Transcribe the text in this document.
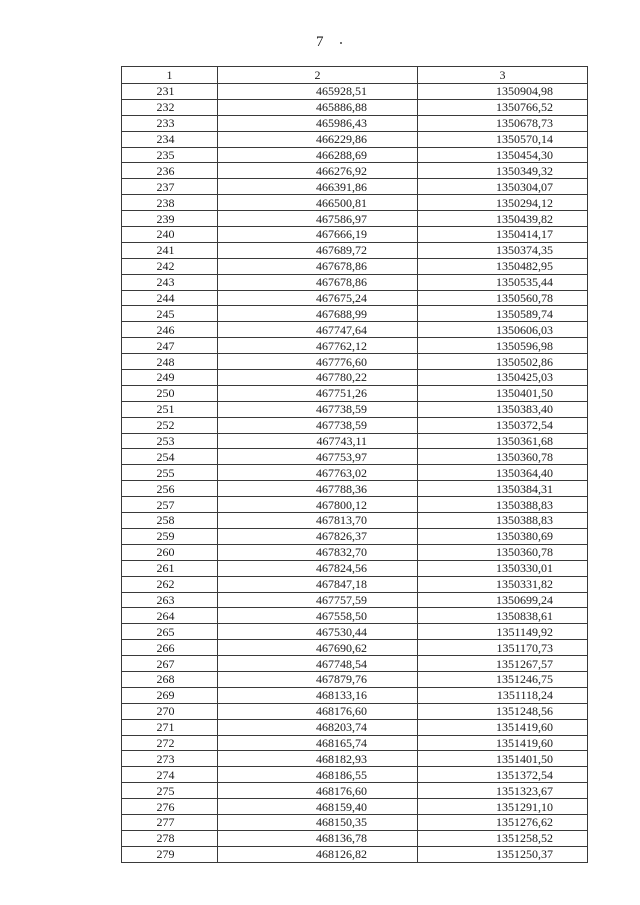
7
1	2	3
231	465928,51	1350904,98
232	465886,88	1350766,52
233	465986,43	1350678,73
234	466229,86	1350570,14
235	466288,69	1350454,30
236	466276,92	1350349,32
237	466391,86	1350304,07
238	466500,81	1350294,12
239	467586,97	1350439,82
240	467666,19	1350414,17
241	467689,72	1350374,35
242	467678,86	1350482,95
243	467678,86	1350535,44
244	467675,24	1350560,78
245	467688,99	1350589,74
246	467747,64	1350606,03
247	467762,12	1350596,98
248	467776,60	1350502,86
249	467780,22	1350425,03
250	467751,26	1350401,50
251	467738,59	1350383,40
252	467738,59	1350372,54
253	467743,11	1350361,68
254	467753,97	1350360,78
255	467763,02	1350364,40
256	467788,36	1350384,31
257	467800,12	1350388,83
258	467813,70	1350388,83
259	467826,37	1350380,69
260	467832,70	1350360,78
261	467824,56	1350330,01
262	467847,18	1350331,82
263	467757,59	1350699,24
264	467558,50	1350838,61
265	467530,44	1351149,92
266	467690,62	1351170,73
267	467748,54	1351267,57
268	467879,76	1351246,75
269	468133,16	1351118,24
270	468176,60	1351248,56
271	468203,74	1351419,60
272	468165,74	1351419,60
273	468182,93	1351401,50
274	468186,55	1351372,54
275	468176,60	1351323,67
276	468159,40	1351291,10
277	468150,35	1351276,62
278	468136,78	1351258,52
279	468126,82	1351250,37
